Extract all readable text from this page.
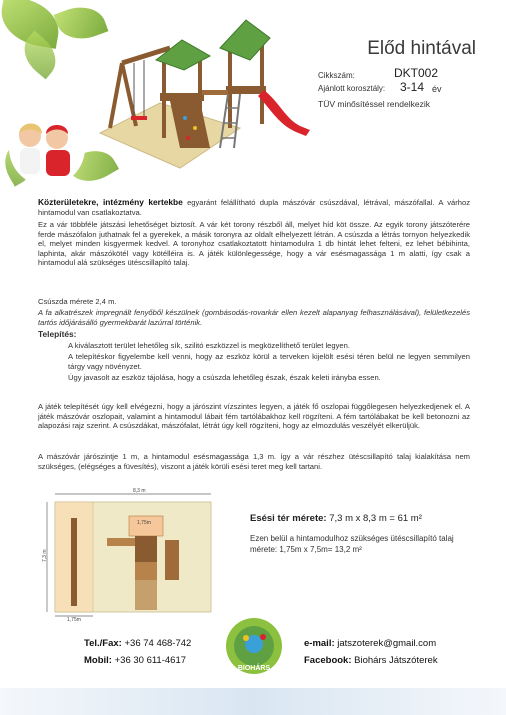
Előd hintával
Cikkszám:	DKT002
Ajánlott korosztály: 3-14 év
TÜV minősítéssel rendelkezik
Közterületekre, intézmény kertekbe egyaránt felállítható dupla mászóvár csúszdával, létrával, mászófallal. A várhoz hintamodul van csatlakoztatva.
Ez a vár többféle játszási lehetőséget biztosít. A vár két torony részből áll, melyet híd köt össze. Az egyik torony játszóterére ferde mászófalon juthatnak fel a gyerekek, a másik toronyra az oldalt elhelyezett létrán. A csúszda a létrás tornyon helyezkedik el, melyet minden kisgyermek kedvel. A toronyhoz csatlakoztatott hintamodulra 1 db hintát lehet felteni, ez lehet bébihinta, laphinta, akár mászókötél vagy kötélléira is. A játék különlegessége, hogy a vár esésmagassága 1 m alatti, így csak a hintamodul alá szükséges ütéscsillapító talaj.
Csúszda mérete 2,4 m.
A fa alkatrészek impregnált fenyőből készülnek (gombásodás-rovarkár ellen kezelt alapanyag felhasználásával), felületkezelés tartós időjárásálló gyermekbarát lazúrral történik.
Telepítés:
A kiválasztott terület lehetőleg sík, szilitó eszközzel is megközelíthető terület legyen.
A telepítéskor figyelembe kell venni, hogy az eszköz körül a terveken kijelölt esési téren belül ne legyen semmilyen tárgy vagy növényzet.
Úgy javasolt az eszköz tájolása, hogy a csúszda lehetőleg észak, észak keleti irányba essen.
A játék telepítését úgy kell elvégezni, hogy a járószint vízszintes legyen, a játék fő oszlopai függőlegesen helyezkedjenek el. A játék mászóvár oszlopait, valamint a hintamodul lábait fém tartólábakhoz kell rögzíteni. A fém tartólábakat be kell betonozni az alapozási rajz szerint. A csúszdákat, mászófalat, létrát úgy kell rögzíteni, hogy az elmozdulás veszélyét elkerüljük.
A mászóvár járószintje 1 m, a hintamodul esésmagassága 1,3 m. így a vár részhez ütéscsillapító talaj kialakítása nem szükséges, (elégséges a füvesítés), viszont a játék körüli esési teret meg kell tartani.
8,3 m
7,3 m
1,75m
1,75m
Esési tér mérete: 7,3 m x 8,3 m = 61 m²
Ezen belül a hintamodulhoz szükséges ütéscsillapító talaj mérete: 1,75m x 7,5m= 13,2 m²
Tel./Fax: +36 74 468-742
Mobil: +36 30 611-4617
BIOHÁRS
e-mail: jatszoterek@gmail.com
Facebook: Biohárs Játszóterek
